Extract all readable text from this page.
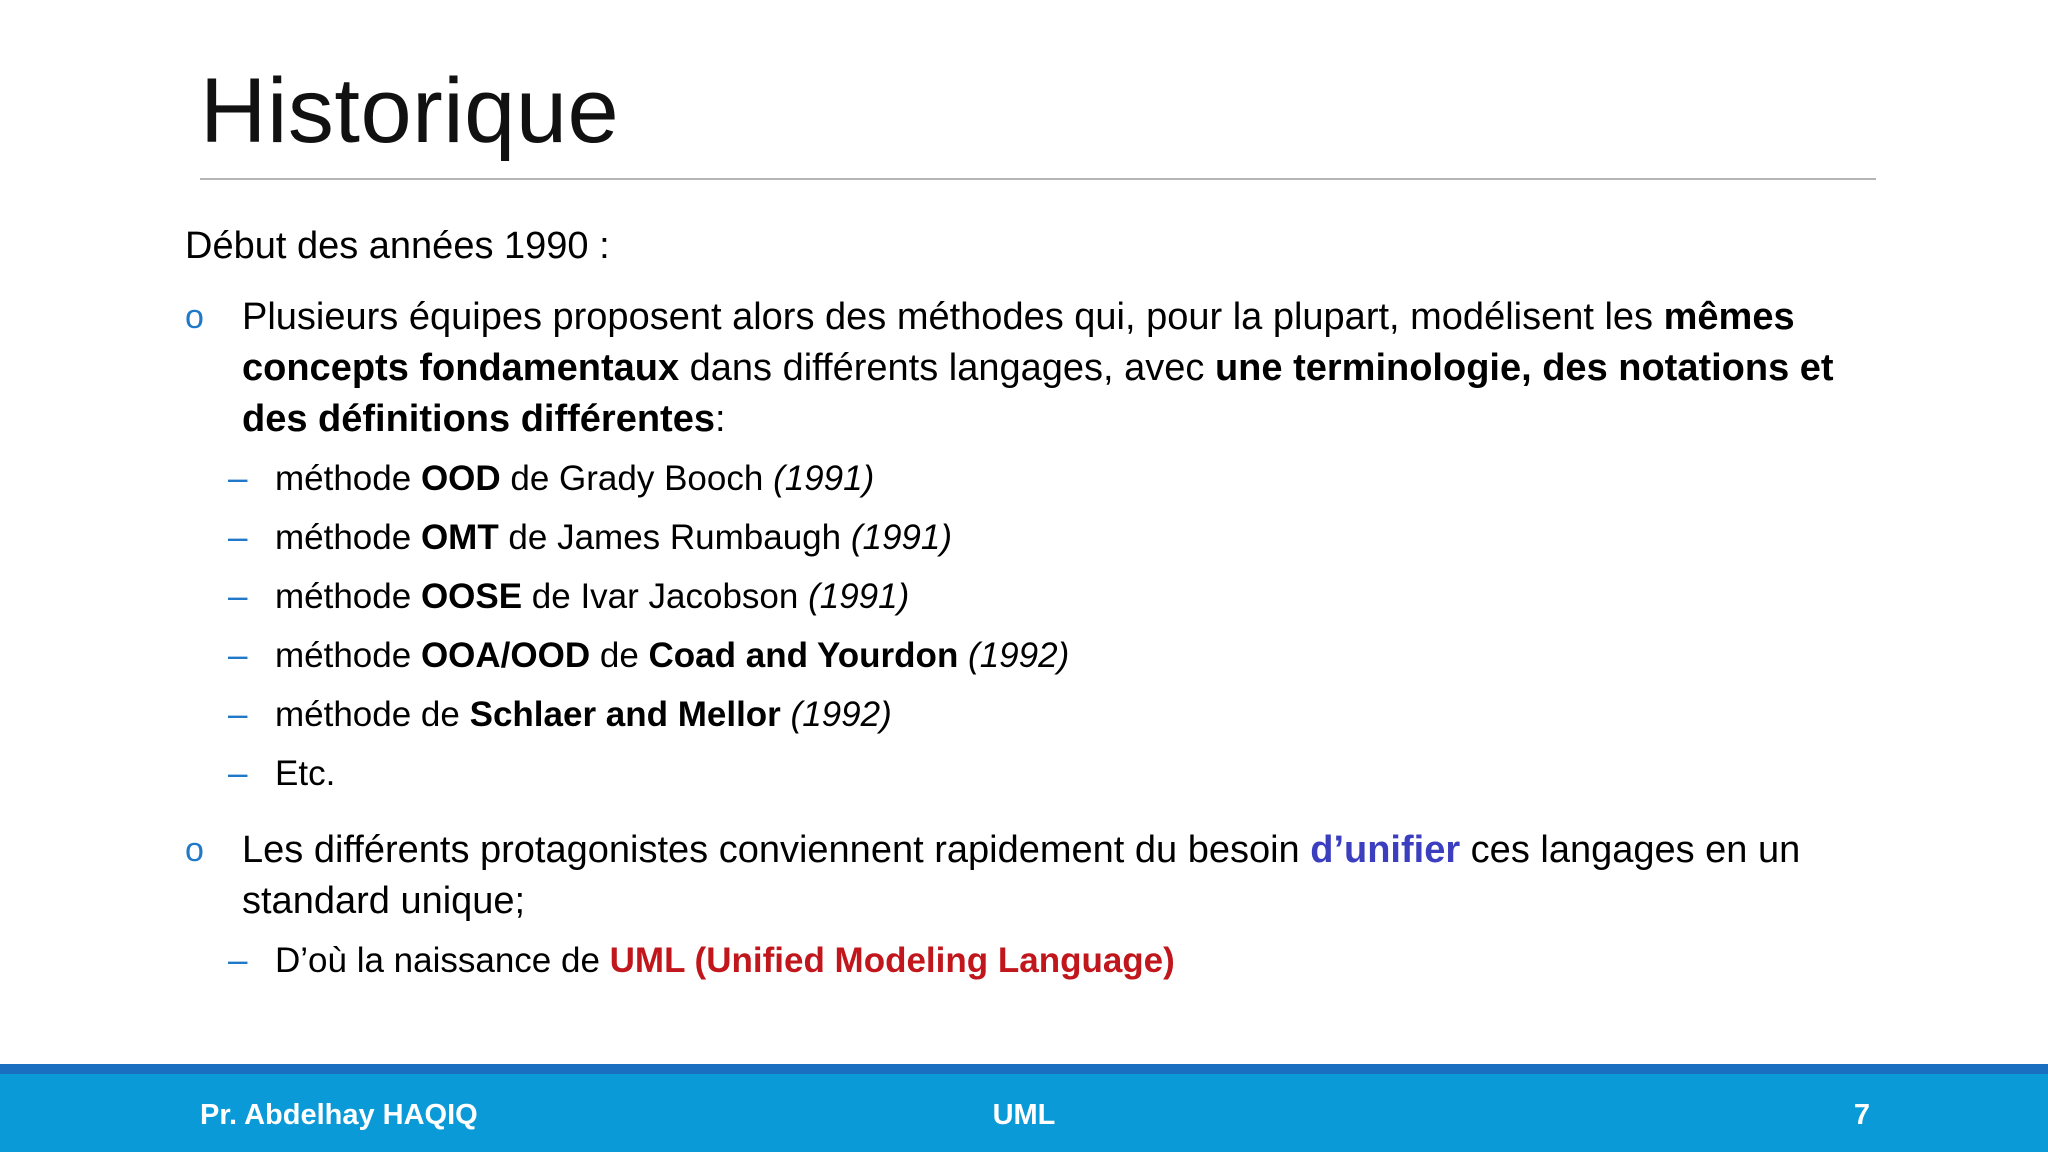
Historique
Début des années 1990 :
o Plusieurs équipes proposent alors des méthodes qui, pour la plupart, modélisent les mêmes concepts fondamentaux dans différents langages, avec une terminologie, des notations et des définitions différentes:
– méthode OOD de Grady Booch (1991)
– méthode OMT de James Rumbaugh (1991)
– méthode OOSE de Ivar Jacobson (1991)
– méthode OOA/OOD de Coad and Yourdon (1992)
– méthode de Schlaer and Mellor (1992)
– Etc.
o Les différents protagonistes conviennent rapidement du besoin d’unifier ces langages en un standard unique;
– D’où la naissance de UML (Unified Modeling Language)
Pr. Abdelhay HAQIQ	UML	7
